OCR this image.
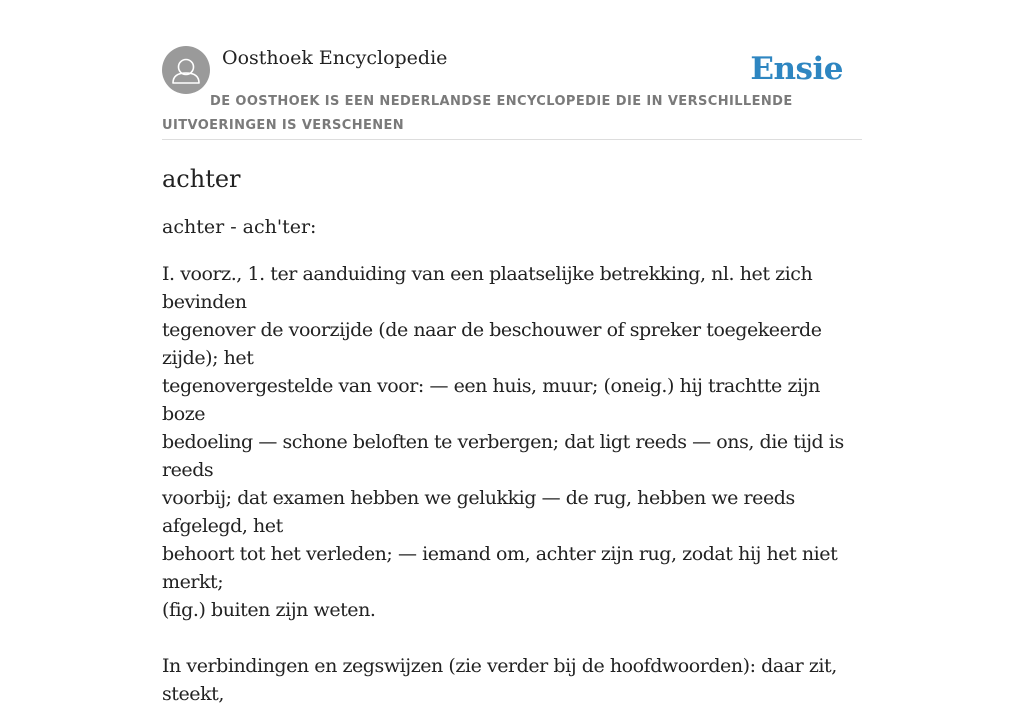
Oosthoek Encyclopedie	Ensie
DE OOSTHOEK IS EEN NEDERLANDSE ENCYCLOPEDIE DIE IN VERSCHILLENDE UITVOERINGEN IS VERSCHENEN
achter

achter - ach'ter:

I. voorz., 1. ter aanduiding van een plaatselijke betrekking, nl. het zich bevinden
tegenover de voorzijde (de naar de beschouwer of spreker toegekeerde zijde); het
tegenovergestelde van voor: — een huis, muur; (oneig.) hij trachtte zijn boze
bedoeling — schone beloften te verbergen; dat ligt reeds — ons, die tijd is reeds
voorbij; dat examen hebben we gelukkig — de rug, hebben we reeds afgelegd, het
behoort tot het verleden; — iemand om, achter zijn rug, zodat hij het niet merkt;
(fig.) buiten zijn weten.

In verbindingen en zegswijzen (zie verder bij de hoofdwoorden): daar zit, steekt,
